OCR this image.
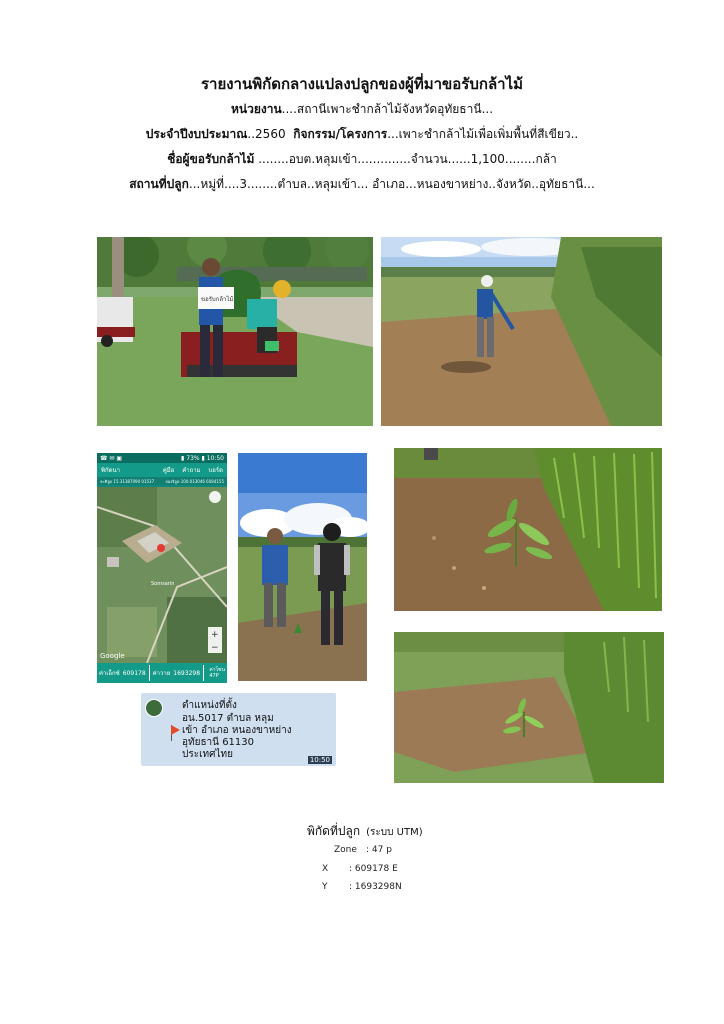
รายงานพิกัดกลางแปลงปลูกของผู้ที่มาขอรับกล้าไม้
หน่วยงาน....สถานีเพาะชำกล้าไม้จังหวัดอุทัยธานี...
ประจำปีงบประมาณ..2560 กิจกรรม/โครงการ...เพาะชำกล้าไม้เพื่อเพิ่มพื้นที่สีเขียว..
ชื่อผู้ขอรับกล้าไม้ ........อบต.หลุมเข้า..............จำนวน......1,100........กล้า
สถานที่ปลูก...หมู่ที่....3........ตำบล..หลุมเข้า... อำเภอ...หนองขาหย่าง..จังหวัด..อุทัยธานี...
ขอรับกล้าไม้
☎ ✉ ▣	▮ 73% ▮ 10:50
พิกัดนา	คู่มือ คำถาม บอร์ด
ละติจูด 15.31387090 01537	ลองจิจูด 100.013046 6084155
Somsarin
+
−
Google
ค่าเอ็กซ์ 609178 ค่าวาย 1693298 ค่าโซน
47P
ตำแหน่งที่ตั้ง
อน.5017 ตำบล หลุม
เข้า อำเภอ หนองขาหย่าง
อุทัยธานี 61130
ประเทศไทย	10:50
พิกัดที่ปลูก (ระบบ UTM)
Zone : 47 p
X : 609178 E
Y : 1693298N
